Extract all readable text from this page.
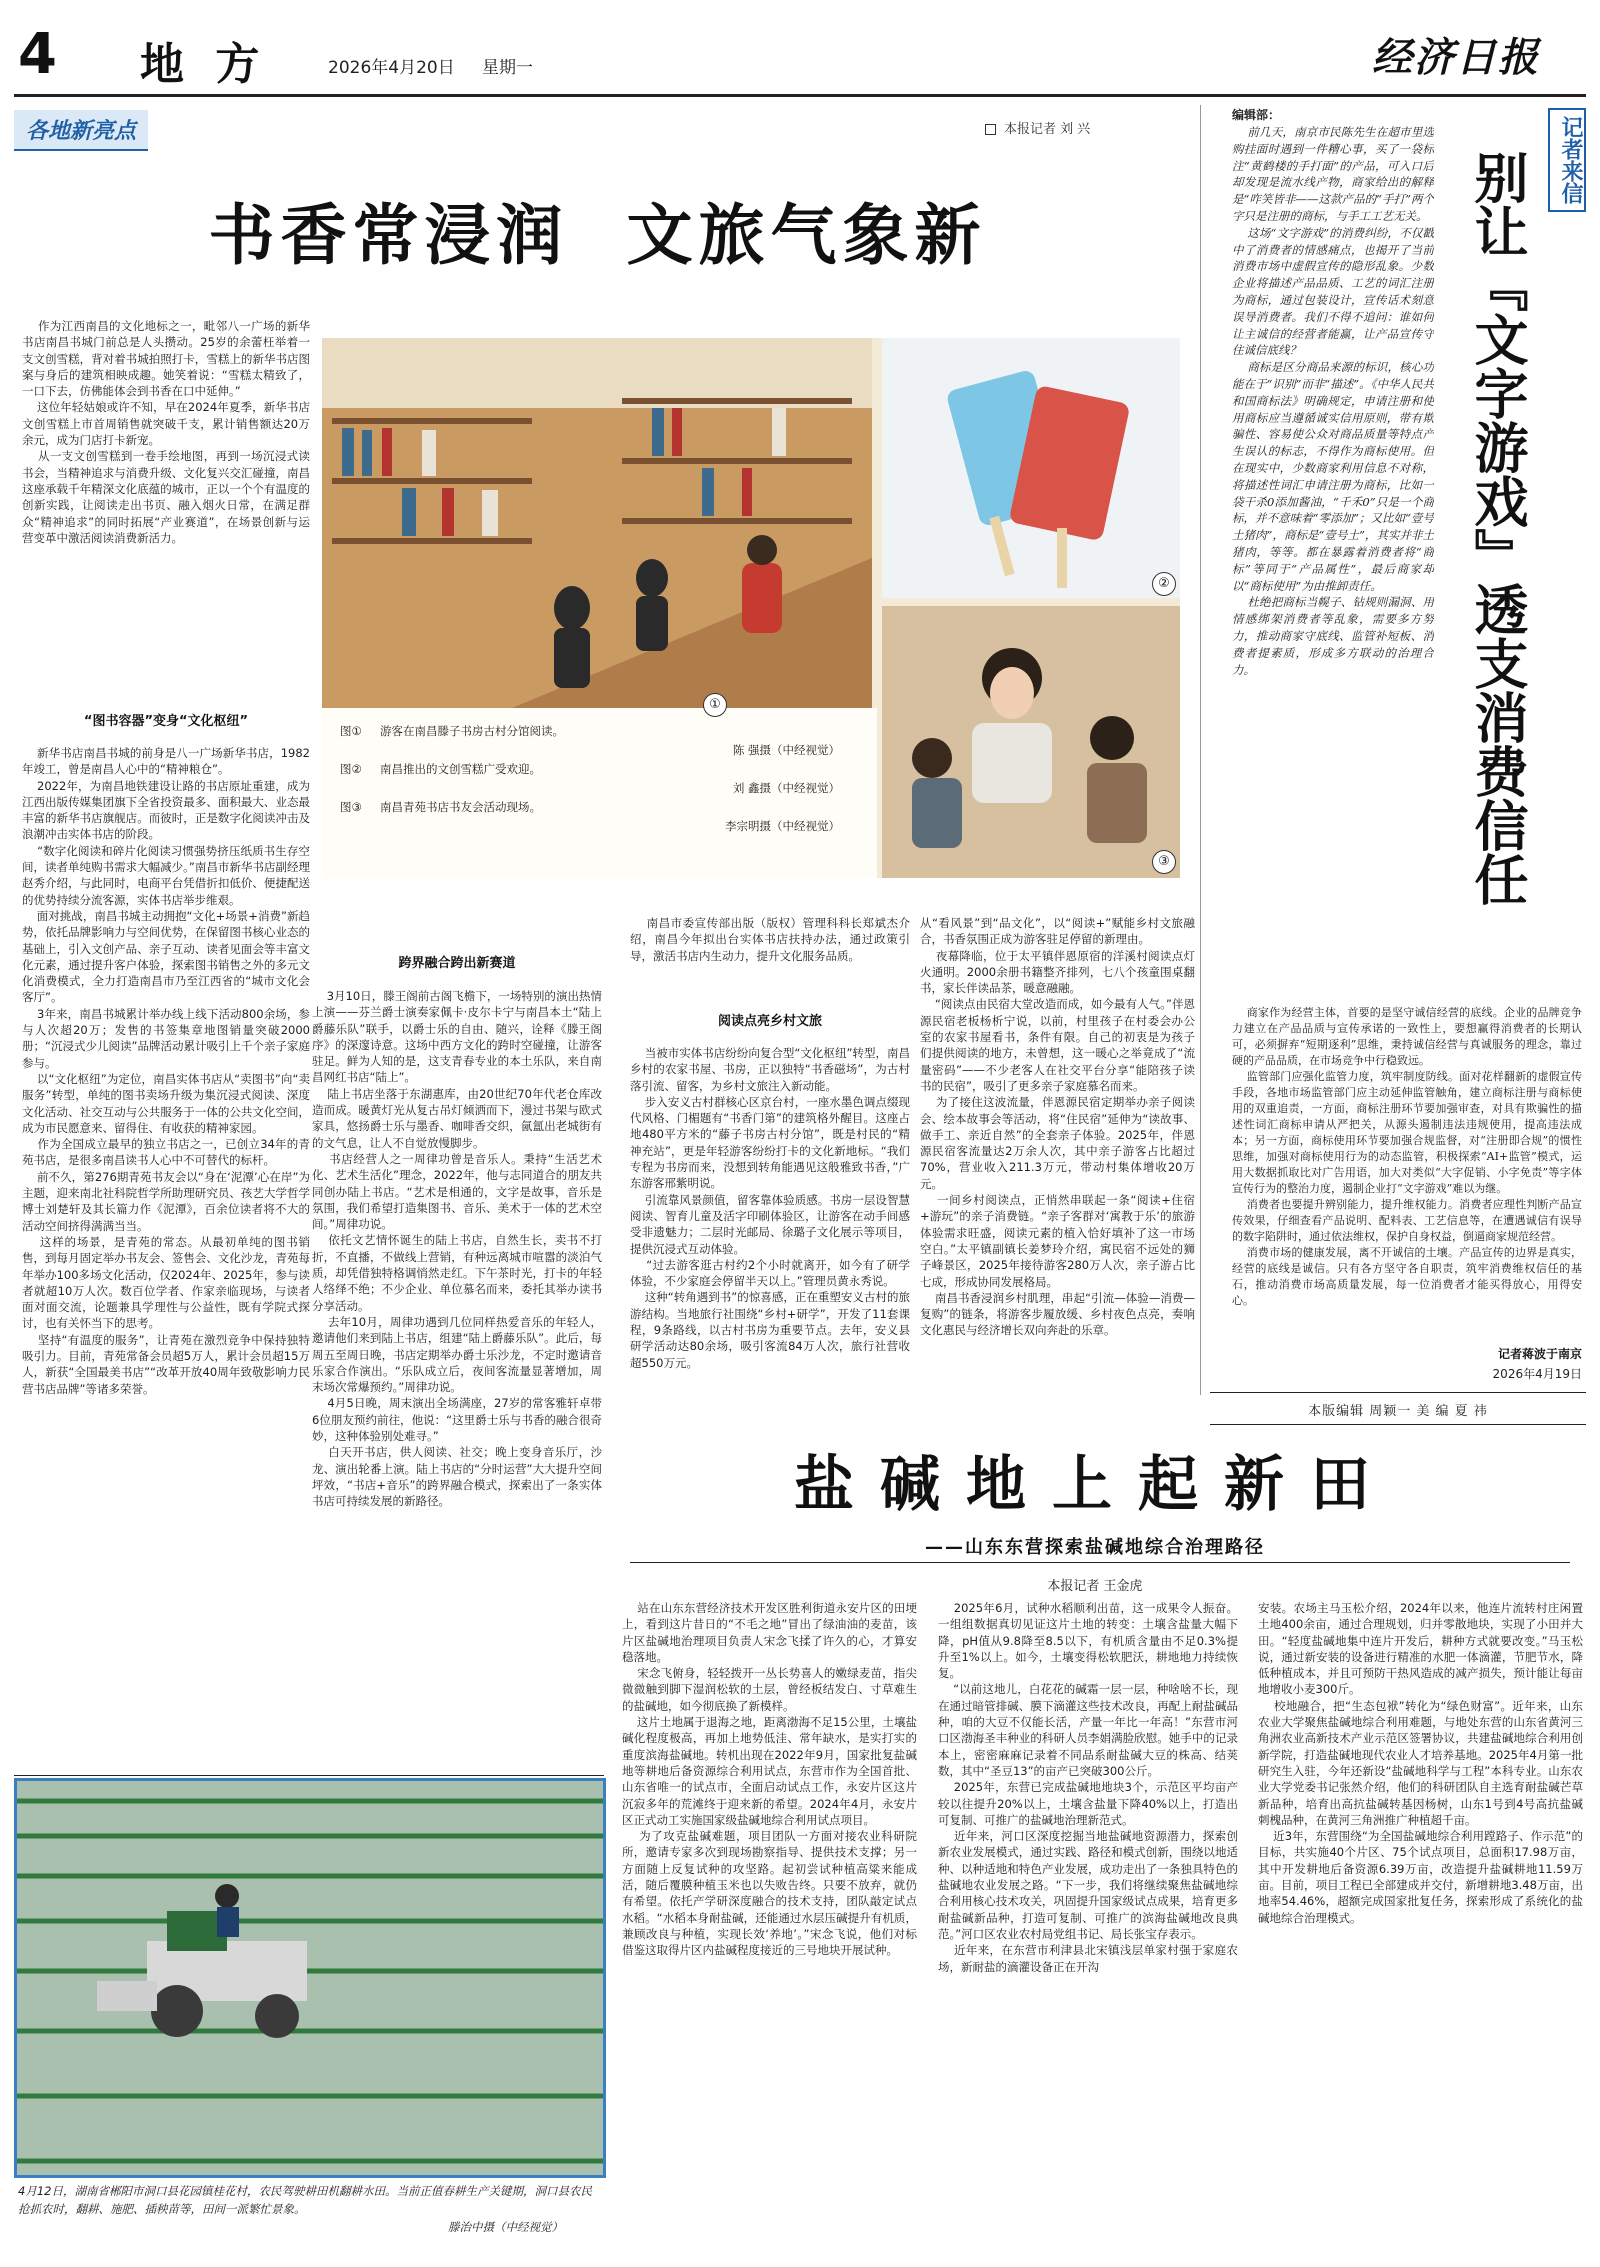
4 地 方	2026年4月20日 星期一	经济日报
各地新亮点	本报记者 刘 兴
书香常浸润  文旅气象新
作为江西南昌的文化地标之一，毗邻八一广场的新华书店南昌书城门前总是人头攒动。25岁的余蕾枉举着一支文创雪糕，背对着书城拍照打卡，雪糕上的新华书店图案与身后的建筑相映成趣。她笑着说：“雪糕太精致了，一口下去，仿佛能体会到书香在口中延伸。”
这位年轻姑娘或许不知，早在2024年夏季，新华书店文创雪糕上市首周销售就突破千支，累计销售额达20万余元，成为门店打卡新宠。
从一支文创雪糕到一卷手绘地图，再到一场沉浸式读书会，当精神追求与消费升级、文化复兴交汇碰撞，南昌这座承载千年精深文化底蕴的城市，正以一个个有温度的创新实践，让阅读走出书页、融入烟火日常，在满足群众“精神追求”的同时拓展“产业赛道”，在场景创新与运营变革中激活阅读消费新活力。
“图书容器”变身“文化枢纽”
新华书店南昌书城的前身是八一广场新华书店，1982年竣工，曾是南昌人心中的“精神粮仓”。
2022年，为南昌地铁建设让路的书店原址重建，成为江西出版传媒集团旗下全省投资最多、面积最大、业态最丰富的新华书店旗舰店。而彼时，正是数字化阅读冲击及浪潮冲击实体书店的阶段。
“数字化阅读和碎片化阅读习惯强势挤压纸质书生存空间，读者单纯购书需求大幅减少。”南昌市新华书店副经理赵秀介绍，与此同时，电商平台凭借折扣低价、便捷配送的优势持续分流客源，实体书店举步维艰。
面对挑战，南昌书城主动拥抱“文化+场景+消费”新趋势，依托品牌影响力与空间优势，在保留图书核心业态的基础上，引入文创产品、亲子互动、读者见面会等丰富文化元素，通过提升客户体验，探索图书销售之外的多元文化消费模式，全力打造南昌市乃至江西省的“城市文化会客厅”。
3年来，南昌书城累计举办线上线下活动800余场，参与人次超20万；发售的书签集章地图销量突破2000册；“沉浸式少儿阅读”品牌活动累计吸引上千个亲子家庭参与。
以“文化枢纽”为定位，南昌实体书店从“卖图书”向“卖服务”转型，单纯的图书卖场升级为集沉浸式阅读、深度文化活动、社交互动与公共服务于一体的公共文化空间，成为市民愿意来、留得住、有收获的精神家园。
作为全国成立最早的独立书店之一，已创立34年的青苑书店，是很多南昌读书人心中不可替代的标杆。
前不久，第276期青苑书友会以“身在‘泥潭’心在岸”为主题，迎来南北社科院哲学所助理研究员、孩艺大学哲学博士刘楚轩及其长篇力作《泥潭》，百余位读者将不大的活动空间挤得满满当当。
这样的场景，是青苑的常态。从最初单纯的图书销售，到每月固定举办书友会、签售会、文化沙龙，青苑每年举办100多场文化活动，仅2024年、2025年，参与读者就超10万人次。数百位学者、作家亲临现场，与读者面对面交流，论题兼具学理性与公益性，既有学院式探讨，也有关怀当下的思考。
坚持“有温度的服务”，让青苑在激烈竞争中保持独特吸引力。目前，青苑常备会员超5万人，累计会员超15万人，新获“全国最美书店”“改革开放40周年致敬影响力民营书店品牌”等诸多荣誉。
①
②
③
图① 游客在南昌滕子书房古村分馆阅读。
陈 强摄（中经视觉）
图② 南昌推出的文创雪糕广受欢迎。
刘 鑫摄（中经视觉）
图③ 南昌青苑书店书友会活动现场。
李宗明摄（中经视觉）
跨界融合跨出新赛道
3月10日，滕王阁前古阁飞檐下，一场特别的演出热情上演——芬兰爵士演奏家佩卡·皮尔卡宁与南昌本土“陆上爵藤乐队”联手，以爵士乐的自由、随兴，诠释《滕王阁序》的深邃诗意。这场中西方文化的跨时空碰撞，让游客驻足。鲜为人知的是，这支青春专业的本土乐队，来自南昌网红书店“陆上”。
陆上书店坐落于东湖惠库，由20世纪70年代老仓库改造而成。暖黄灯光从复古吊灯倾洒而下，漫过书架与欧式家具，悠扬爵士乐与墨香、咖啡香交织，氤氲出老城街有的文气息，让人不自觉放慢脚步。
书店经营人之一周律功曾是音乐人。秉持“生活艺术化、艺术生活化”理念，2022年，他与志同道合的朋友共同创办陆上书店。“艺术是相通的，文字是故事，音乐是氛围，我们希望打造集图书、音乐、美术于一体的艺术空间。”周律功说。
依托文艺情怀诞生的陆上书店，自然生长，卖书不打折，不直播，不做线上营销，有种远离城市喧嚣的淡泊气质，却凭借独特格调悄然走红。下午茶时光，打卡的年轻人络绎不绝；不少企业、单位慕名而来，委托其举办读书分享活动。
去年10月，周律功遇到几位同样热爱音乐的年轻人，邀请他们来到陆上书店，组建“陆上爵藤乐队”。此后，每周五至周日晚，书店定期举办爵士乐沙龙，不定时邀请音乐家合作演出。“乐队成立后，夜间客流量显著增加，周末场次常爆预约。”周律功说。
4月5日晚，周末演出全场满座，27岁的常客雅轩卓带6位朋友预约前往，他说：“这里爵士乐与书香的融合很奇妙，这种体验别处难寻。”
白天开书店，供人阅读、社交；晚上变身音乐厅，沙龙、演出轮番上演。陆上书店的“分时运营”大大提升空间坪效，“书店+音乐”的跨界融合模式，探索出了一条实体书店可持续发展的新路径。
南昌市委宣传部出版（版权）管理科科长郑斌杰介绍，南昌今年拟出台实体书店扶持办法，通过政策引导，激活书店内生动力，提升文化服务品质。
阅读点亮乡村文旅
当被市实体书店纷纷向复合型“文化枢纽”转型，南昌乡村的农家书屋、书房，正以独特“书香磁场”，为古村落引流、留客，为乡村文旅注入新动能。
步入安义古村群核心区京台村，一座水墨色调点缀现代风格、门楣题有“书香门第”的建筑格外醒目。这座占地480平方米的“藤子书房古村分馆”，既是村民的“精神充站”，更是年轻游客纷纷打卡的文化新地标。“我们专程为书房而来，没想到转角能遇见这般雅致书香，”广东游客邢紫明说。
引流靠风景颜值，留客靠体验质感。书房一层设智慧阅读、智育儿童及活字印刷体验区，让游客在动手间感受非遗魅力；二层时光邮局、徐璐子文化展示等项目，提供沉浸式互动体验。
“过去游客逛古村约2个小时就离开，如今有了研学体验，不少家庭会停留半天以上。”管理员黄永秀说。
这种“转角遇到书”的惊喜感，正在重塑安义古村的旅游结构。当地旅行社围绕“乡村+研学”，开发了11套课程，9条路线，以古村书房为重要节点。去年，安义县研学活动达80余场，吸引客流84万人次，旅行社营收超550万元。
从“看风景”到“品文化”，以“阅读+”赋能乡村文旅融合，书香氛围正成为游客驻足停留的新理由。
夜幕降临，位于太平镇伴恩原宿的洋溪村阅读点灯火通明。2000余册书籍整齐排列，七八个孩童围桌翻书，家长伴读品茶，暖意融融。
“阅读点由民宿大堂改造而成，如今最有人气。”伴恩源民宿老板杨析宁说，以前，村里孩子在村委会办公室的农家书屋看书，条件有限。自己的初衷是为孩子们提供阅读的地方，未曾想，这一暖心之举竟成了“流量密码”——不少老客人在社交平台分享“能陪孩子读书的民宿”，吸引了更多亲子家庭慕名而来。
为了接住这波流量，伴恩源民宿定期举办亲子阅读会、绘本故事会等活动，将“住民宿”延伸为“读故事、做手工、亲近自然”的全套亲子体验。2025年，伴恩源民宿客流量达2万余人次，其中亲子游客占比超过70%，营业收入211.3万元，带动村集体增收20万元。
一间乡村阅读点，正悄然串联起一条“阅读+住宿+游玩”的亲子消费链。“亲子客群对‘寓教于乐’的旅游体验需求旺盛，阅读元素的植入恰好填补了这一市场空白。”太平镇副镇长姜梦玲介绍，寓民宿不远处的狮子峰景区，2025年接待游客280万人次，亲子游占比七成，形成协同发展格局。
南昌书香浸润乡村肌理，串起“引流—体验—消费—复购”的链条，将游客步履放缓、乡村夜色点亮，奏响文化惠民与经济增长双向奔赴的乐章。
编辑部：
前几天，南京市民陈先生在超市里选购挂面时遇到一件糟心事，买了一袋标注“黄鹤楼的手打面”的产品，可入口后却发现是流水线产物，商家给出的解释是“咋笑皆非——这款产品的“手打”两个字只是注册的商标，与手工工艺无关。
这场“文字游戏”的消费纠纷，不仅戳中了消费者的情感痛点，也揭开了当前消费市场中虚假宣传的隐形乱象。少数企业将描述产品品质、工艺的词汇注册为商标，通过包装设计，宣传话术刻意误导消费者。我们不得不追问：谁如何让主诚信的经营者能赢，让产品宣传守住诚信底线？
商标是区分商品来源的标识，核心功能在于“识别”而非“描述”。《中华人民共和国商标法》明确规定，申请注册和使用商标应当遵循诚实信用原则，带有欺骗性、容易使公众对商品质量等特点产生误认的标志，不得作为商标使用。但在现实中，少数商家利用信息不对称，将描述性词汇申请注册为商标，比如一袋干杀0添加酱油，“千禾0”只是一个商标，并不意味着“零添加”；又比如“壹号土猪肉”，商标是“壹号土”，其实并非土猪肉，等等。都在暴露着消费者将“商标”等同于“产品属性”，最后商家却以“商标使用”为由推卸责任。
杜绝把商标当幌子、钻规则漏洞、用情感绑架消费者等乱象，需要多方努力，推动商家守底线、监管补短板、消费者提素质，形成多方联动的治理合力。
记者来信
别让『文字游戏』透支消费信任
商家作为经营主体，首要的是坚守诚信经营的底线。企业的品牌竞争力建立在产品品质与宣传承诺的一致性上，要想赢得消费者的长期认可，必须摒弃“短期逐利”思维，秉持诚信经营与真诚服务的理念，靠过硬的产品品质，在市场竞争中行稳致远。
监管部门应强化监管力度，筑牢制度防线。面对花样翻新的虚假宣传手段，各地市场监管部门应主动延伸监管触角，建立商标注册与商标使用的双重追责，一方面，商标注册环节要加强审查，对具有欺骗性的描述性词汇商标申请从严把关，从源头遏制违法违规使用，提高违法成本；另一方面，商标使用环节要加强合规监督，对“注册即合规”的惯性思维，加强对商标使用行为的动态监管，积极探索“AI+监管”模式，运用大数据抓取比对广告用语，加大对类似“大字促销、小字免责”等字体宣传行为的整治力度，遏制企业打“文字游戏”难以为继。
消费者也要提升辨别能力，提升维权能力。消费者应理性判断产品宣传效果，仔细查看产品说明、配料表、工艺信息等，在遭遇诚信有误导的数字陷阱时，通过依法维权，保护自身权益，倒逼商家规范经营。
消费市场的健康发展，离不开诚信的土壤。产品宣传的边界是真实，经营的底线是诚信。只有各方坚守各自职责，筑牢消费维权信任的基石，推动消费市场高质量发展，每一位消费者才能买得放心，用得安心。
记者蒋波于南京
2026年4月19日
本版编辑 周颖一 美 编 夏 祎
盐碱地上起新田
——山东东营探索盐碱地综合治理路径
本报记者 王金虎
站在山东东营经济技术开发区胜利街道永安片区的田埂上，看到这片昔日的“不毛之地”冒出了绿油油的麦苗，该片区盐碱地治理项目负责人宋念飞揉了许久的心，才算安稳落地。
宋念飞俯身，轻轻拨开一丛长势喜人的嫩绿麦苗，指尖微微触到脚下湿润松软的土层，曾经板结发白、寸草难生的盐碱地，如今彻底换了新模样。
这片土地属于退海之地，距离渤海不足15公里，土壤盐碱化程度极高，再加上地势低洼、常年缺水，是实打实的重度滨海盐碱地。转机出现在2022年9月，国家批复盐碱地等耕地后备资源综合利用试点，东营市作为全国首批、山东省唯一的试点市，全面启动试点工作，永安片区这片沉寂多年的荒滩终于迎来新的希望。2024年4月，永安片区正式动工实施国家级盐碱地综合利用试点项目。
为了攻克盐碱难题，项目团队一方面对接农业科研院所，邀请专家多次到现场勘察指导、提供技术支撑；另一方面随上反复试种的攻坚路。起初尝试种植高粱来能成活，随后覆膜种植玉米也以失败告终。只要不放弃，就仍有希望。依托产学研深度融合的技术支持，团队敲定试点水稻。“水稻本身耐盐碱，还能通过水层压碱提升有机质，兼顾改良与种植，实现长效‘养地’。”宋念飞说，他们对标借鉴这取得片区内盐碱程度接近的三号地块开展试种。
2025年6月，试种水稻顺利出苗，这一成果令人振奋。一组组数据真切见证这片土地的转变：土壤含盐量大幅下降，pH值从9.8降至8.5以下，有机质含量由不足0.3%提升至1%以上。如今，土壤变得松软肥沃，耕地地力持续恢复。
“以前这地儿，白花花的碱霜一层一层，种啥啥不长，现在通过暗管排碱、膜下滴灌这些技术改良，再配上耐盐碱品种，咱的大豆不仅能长活，产量一年比一年高！”东营市河口区渤海圣丰种业的科研人员李娟满脸欣慰。她手中的记录本上，密密麻麻记录着不同品系耐盐碱大豆的株高、结荚数，其中“圣豆13”的亩产已突破300公斤。
2025年，东营已完成盐碱地地块3个，示范区平均亩产较以往提升20%以上，土壤含盐量下降40%以上，打造出可复制、可推广的盐碱地治理新范式。
近年来，河口区深度挖掘当地盐碱地资源潜力，探索创新农业发展模式，通过实践、路径和模式创新，围绕以地适种、以种适地和特色产业发展，成功走出了一条独具特色的盐碱地农业发展之路。“下一步，我们将继续聚焦盐碱地综合利用核心技术攻关，巩固提升国家级试点成果，培育更多耐盐碱新品种，打造可复制、可推广的滨海盐碱地改良典范。”河口区农业农村局党组书记、局长张宝存表示。
近年来，在东营市利津县北宋镇浅层单家村强于家庭农场，新耐盐的滴灌设备正在开沟
安装。农场主马玉松介绍，2024年以来，他连片流转村庄闲置土地400余亩，通过合理规划，归并零散地块，实现了小田并大田。“轻度盐碱地集中连片开发后，耕种方式就要改变。”马玉松说，通过新安装的设备进行精准的水肥一体滴灌，节肥节水，降低种植成本，并且可预防干热风造成的减产损失，预计能让每亩地增收小麦300斤。
校地融合，把“生态包袱”转化为“绿色财富”。近年来，山东农业大学聚焦盐碱地综合利用难题，与地处东营的山东省黄河三角洲农业高新技术产业示范区签署协议，共建盐碱地综合利用创新学院，打造盐碱地现代农业人才培养基地。2025年4月第一批研究生入驻，今年还新设“盐碱地科学与工程”本科专业。山东农业大学党委书记张然介绍，他们的科研团队自主选育耐盐碱芒草新品种，培育出高抗盐碱转基因杨树，山东1号到4号高抗盐碱刺槐品种，在黄河三角洲推广种植超千亩。
近3年，东营围绕“为全国盐碱地综合利用蹚路子、作示范”的目标，共实施40个片区、75个试点项目，总面积17.98万亩，其中开发耕地后备资源6.39万亩，改造提升盐碱耕地11.59万亩。目前，项目工程已全部建成并交付，新增耕地3.48万亩，出地率54.46%，超额完成国家批复任务，探索形成了系统化的盐碱地综合治理模式。
4月12日，湖南省郴阳市洞口县花园镇桂花村，农民驾驶耕田机翻耕水田。当前正值春耕生产关键期，洞口县农民抢抓农时，翻耕、施肥、插秧苗等，田间一派繁忙景象。
滕治中摄（中经视觉）
